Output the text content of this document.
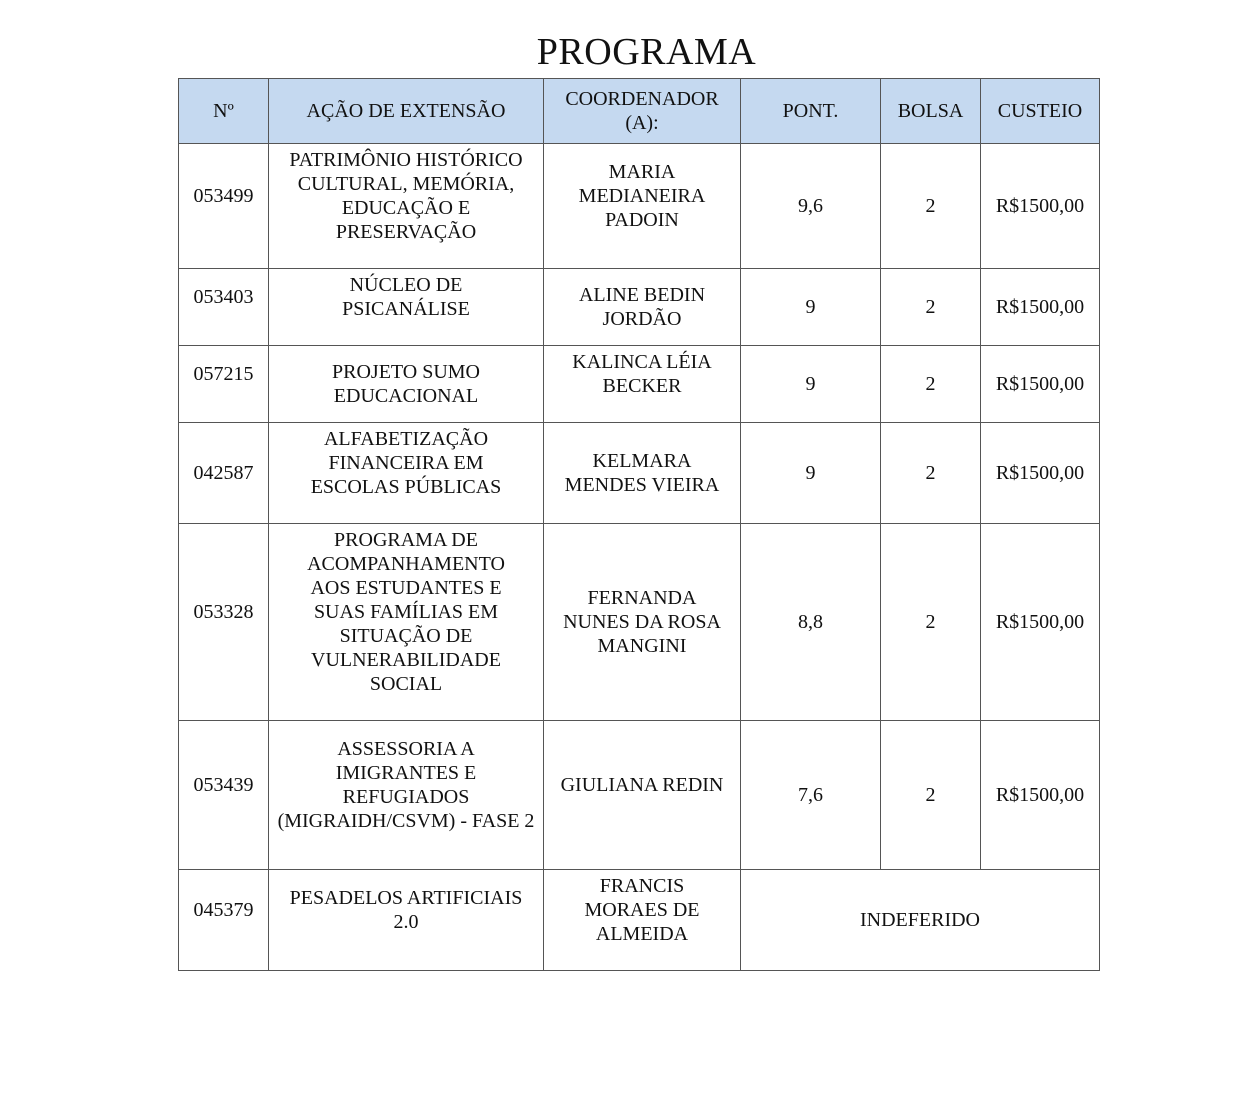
PROGRAMA
Nº	AÇÃO DE EXTENSÃO	COORDENADOR (A):	PONT.	BOLSA	CUSTEIO
053499	PATRIMÔNIO HISTÓRICO CULTURAL, MEMÓRIA, EDUCAÇÃO E PRESERVAÇÃO	MARIA MEDIANEIRA PADOIN	9,6	2	R$1500,00
053403	NÚCLEO DE PSICANÁLISE	ALINE BEDIN JORDÃO	9	2	R$1500,00
057215	PROJETO SUMO EDUCACIONAL	KALINCA LÉIA BECKER	9	2	R$1500,00
042587	ALFABETIZAÇÃO FINANCEIRA EM ESCOLAS PÚBLICAS	KELMARA MENDES VIEIRA	9	2	R$1500,00
053328	PROGRAMA DE ACOMPANHAMENTO AOS ESTUDANTES E SUAS FAMÍLIAS EM SITUAÇÃO DE VULNERABILIDADE SOCIAL	FERNANDA NUNES DA ROSA MANGINI	8,8	2	R$1500,00
053439	ASSESSORIA A IMIGRANTES E REFUGIADOS (MIGRAIDH/CSVM) - FASE 2	GIULIANA REDIN	7,6	2	R$1500,00
045379	PESADELOS ARTIFICIAIS 2.0	FRANCIS MORAES DE ALMEIDA	INDEFERIDO		
